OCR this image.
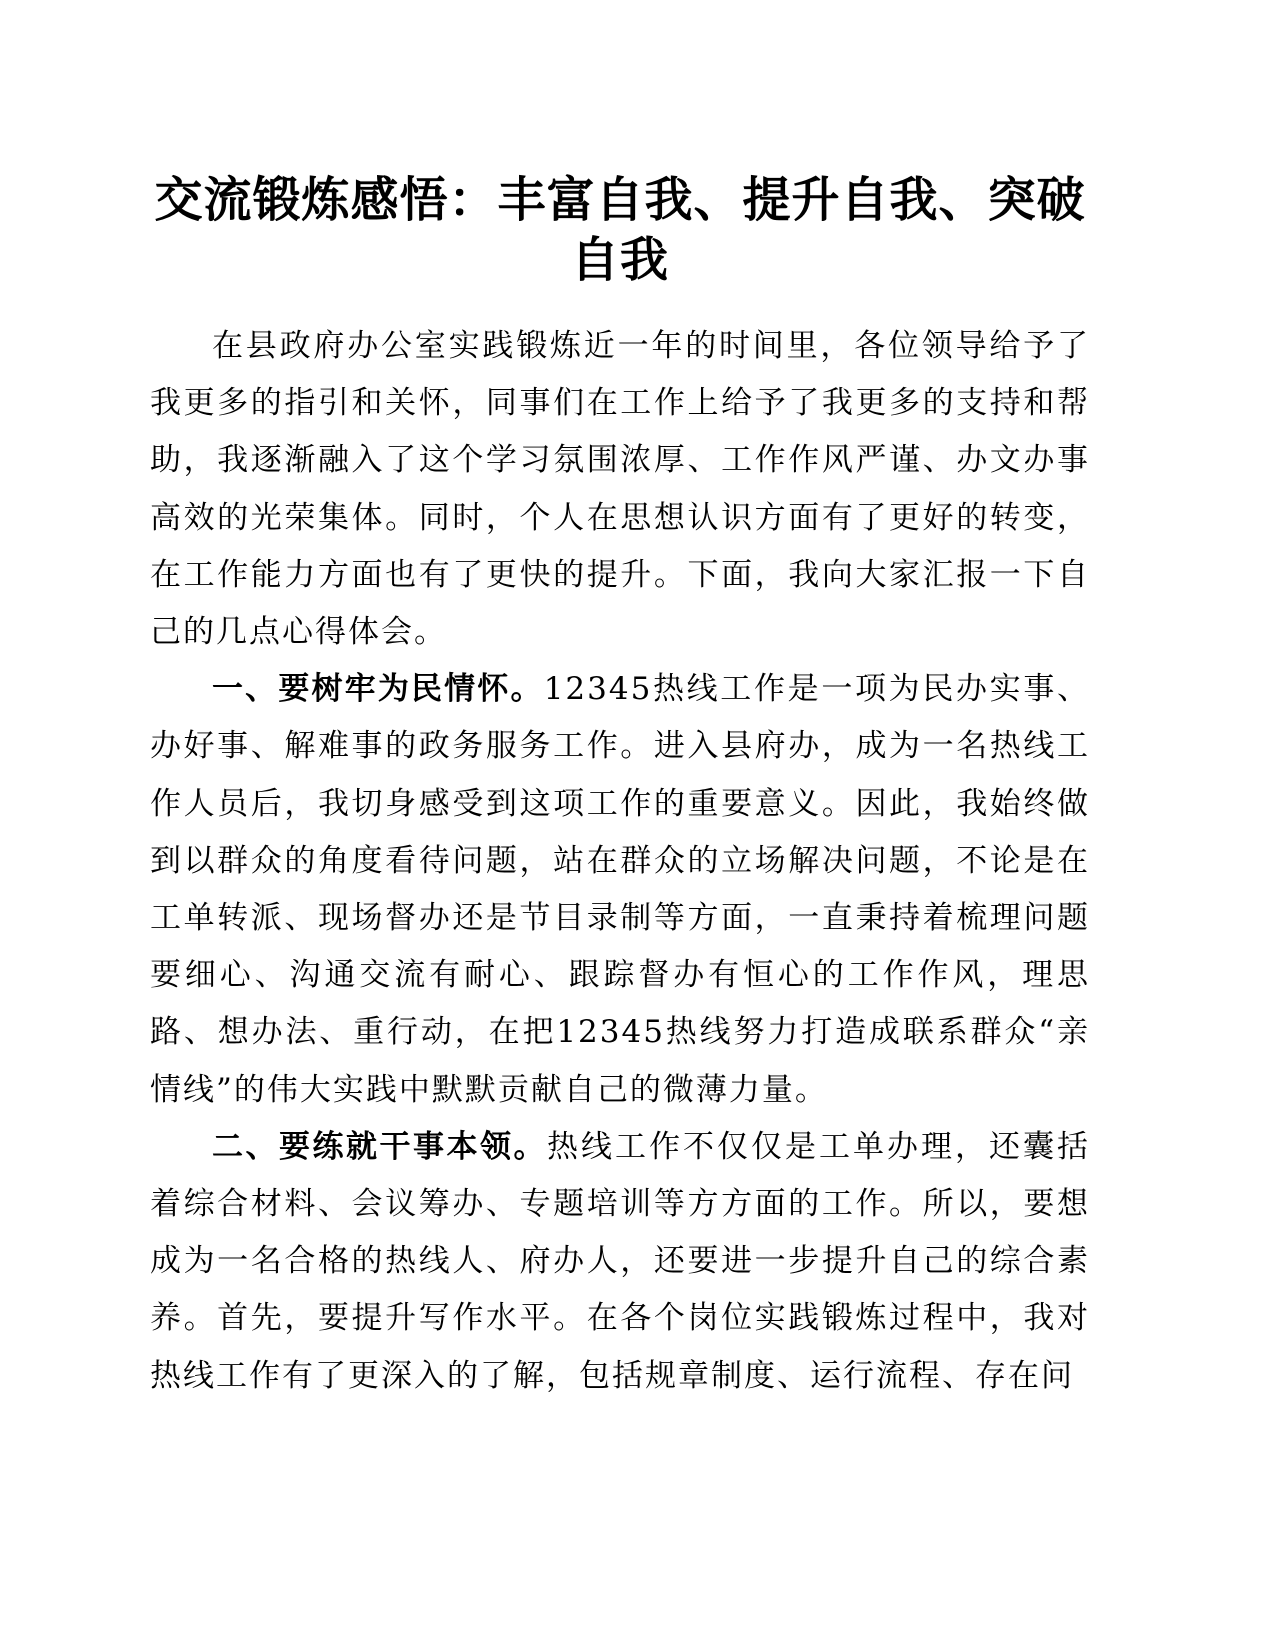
交流锻炼感悟：丰富自我、提升自我、突破自我

在县政府办公室实践锻炼近一年的时间里，各位领导给予了我更多的指引和关怀，同事们在工作上给予了我更多的支持和帮助，我逐渐融入了这个学习氛围浓厚、工作作风严谨、办文办事高效的光荣集体。同时，个人在思想认识方面有了更好的转变，在工作能力方面也有了更快的提升。下面，我向大家汇报一下自己的几点心得体会。

一、要树牢为民情怀。12345热线工作是一项为民办实事、办好事、解难事的政务服务工作。进入县府办，成为一名热线工作人员后，我切身感受到这项工作的重要意义。因此，我始终做到以群众的角度看待问题，站在群众的立场解决问题，不论是在工单转派、现场督办还是节目录制等方面，一直秉持着梳理问题要细心、沟通交流有耐心、跟踪督办有恒心的工作作风，理思路、想办法、重行动，在把12345热线努力打造成联系群众“亲情线”的伟大实践中默默贡献自己的微薄力量。

二、要练就干事本领。热线工作不仅仅是工单办理，还囊括着综合材料、会议筹办、专题培训等方方面的工作。所以，要想成为一名合格的热线人、府办人，还要进一步提升自己的综合素养。首先，要提升写作水平。在各个岗位实践锻炼过程中，我对热线工作有了更深入的了解，包括规章制度、运行流程、存在问
